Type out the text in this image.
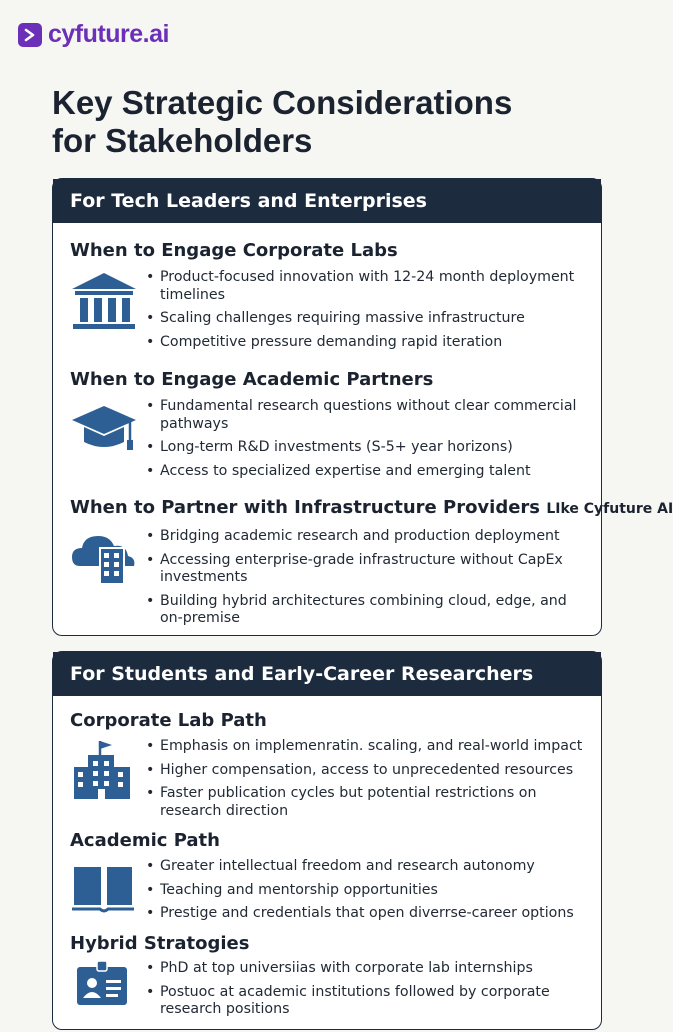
cyfuture.ai
Key Strategic Considerations
for Stakeholders
For Tech Leaders and Enterprises
When to Engage Corporate Labs
• Product-focused innovation with 12-24 month deployment timelines
• Scaling challenges requiring massive infrastructure
• Competitive pressure demanding rapid iteration
When to Engage Academic Partners
• Fundamental research questions without clear commercial pathways
• Long-term R&D investments (S-5+ year horizons)
• Access to specialized expertise and emerging talent
When to Partner with Infrastructure Providers LIke Cyfuture AI
• Bridging academic research and production deployment
• Accessing enterprise-grade infrastructure without CapEx investments
• Building hybrid architectures combining cloud, edge, and on-premise
For Students and Early-Career Researchers
Corporate Lab Path
• Emphasis on implemenratin. scaling, and real-world impact
• Higher compensation, access to unprecedented resources
• Faster publication cycles but potential restrictions on research direction
Academic Path
• Greater intellectual freedom and research autonomy
• Teaching and mentorship opportunities
• Prestige and credentials that open diverrse-career options
Hybrid Stratogies
• PhD at top universiias with corporate lab internships
• Postuoc at academic institutions followed by corporate research positions
